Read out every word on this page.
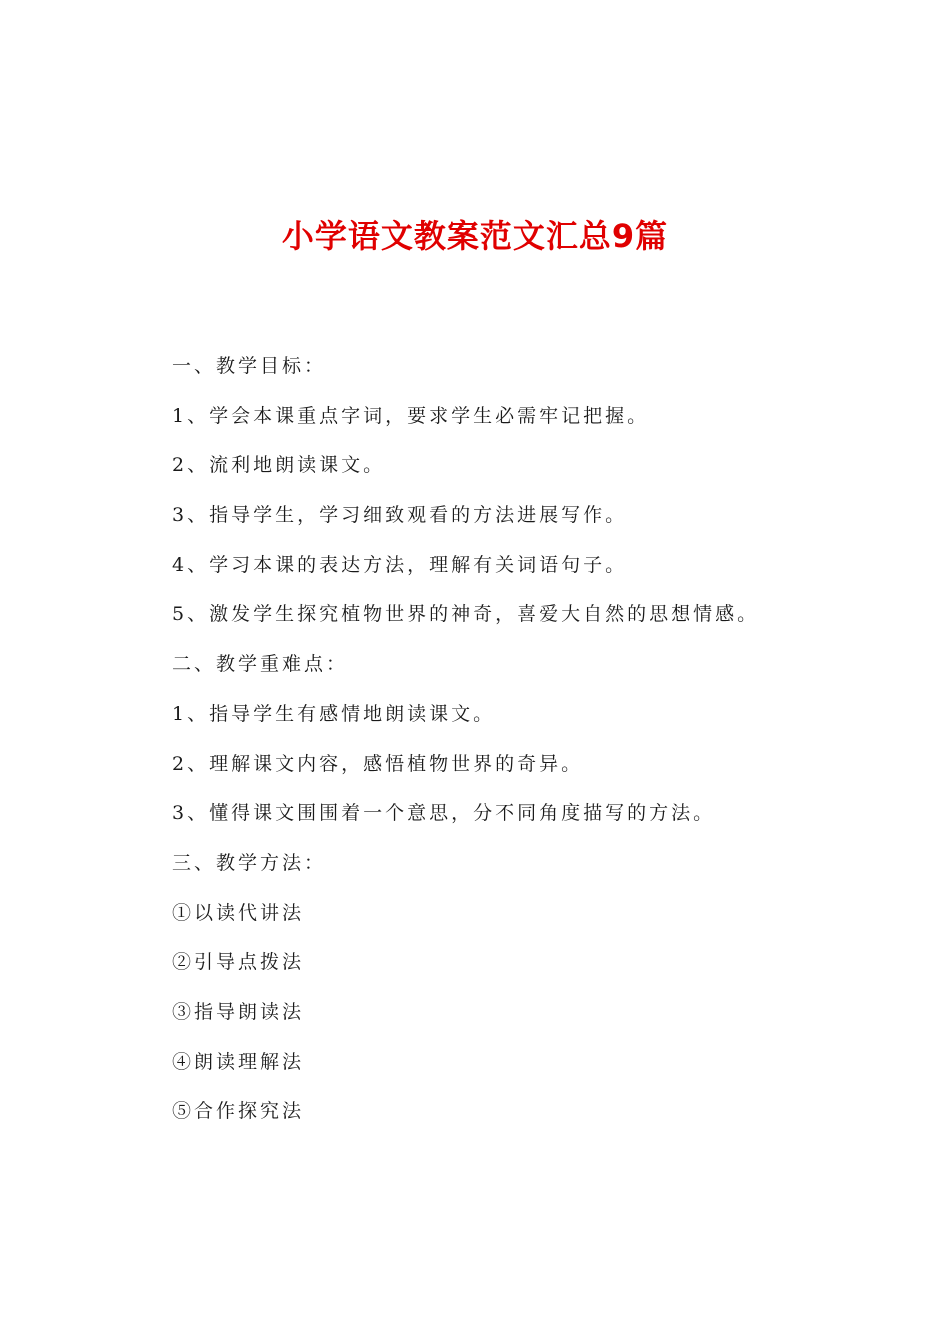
小学语文教案范文汇总9篇
一、教学目标：
1、学会本课重点字词，要求学生必需牢记把握。
2、流利地朗读课文。
3、指导学生，学习细致观看的方法进展写作。
4、学习本课的表达方法，理解有关词语句子。
5、激发学生探究植物世界的神奇，喜爱大自然的思想情感。
二、教学重难点：
1、指导学生有感情地朗读课文。
2、理解课文内容，感悟植物世界的奇异。
3、懂得课文围围着一个意思，分不同角度描写的方法。
三、教学方法：
①以读代讲法
②引导点拨法
③指导朗读法
④朗读理解法
⑤合作探究法
